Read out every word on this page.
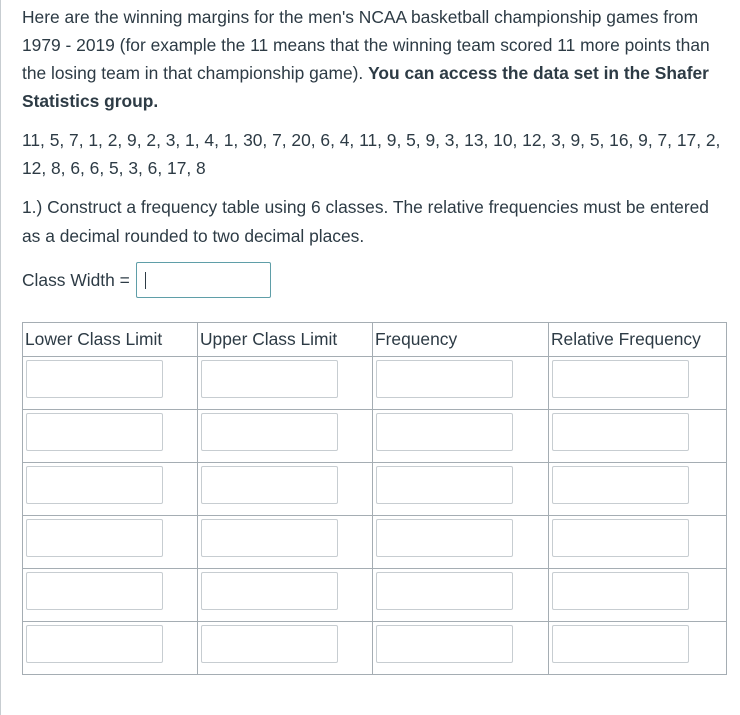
Here are the winning margins for the men's NCAA basketball championship games from 1979 - 2019 (for example the 11 means that the winning team scored 11 more points than the losing team in that championship game). You can access the data set in the Shafer Statistics group.

11, 5, 7, 1, 2, 9, 2, 3, 1, 4, 1, 30, 7, 20, 6, 4, 11, 9, 5, 9, 3, 13, 10, 12, 3, 9, 5, 16, 9, 7, 17, 2, 12, 8, 6, 6, 5, 3, 6, 17, 8

1.) Construct a frequency table using 6 classes. The relative frequencies must be entered as a decimal rounded to two decimal places.

Class Width =
Lower Class Limit	Upper Class Limit	Frequency	Relative Frequency
